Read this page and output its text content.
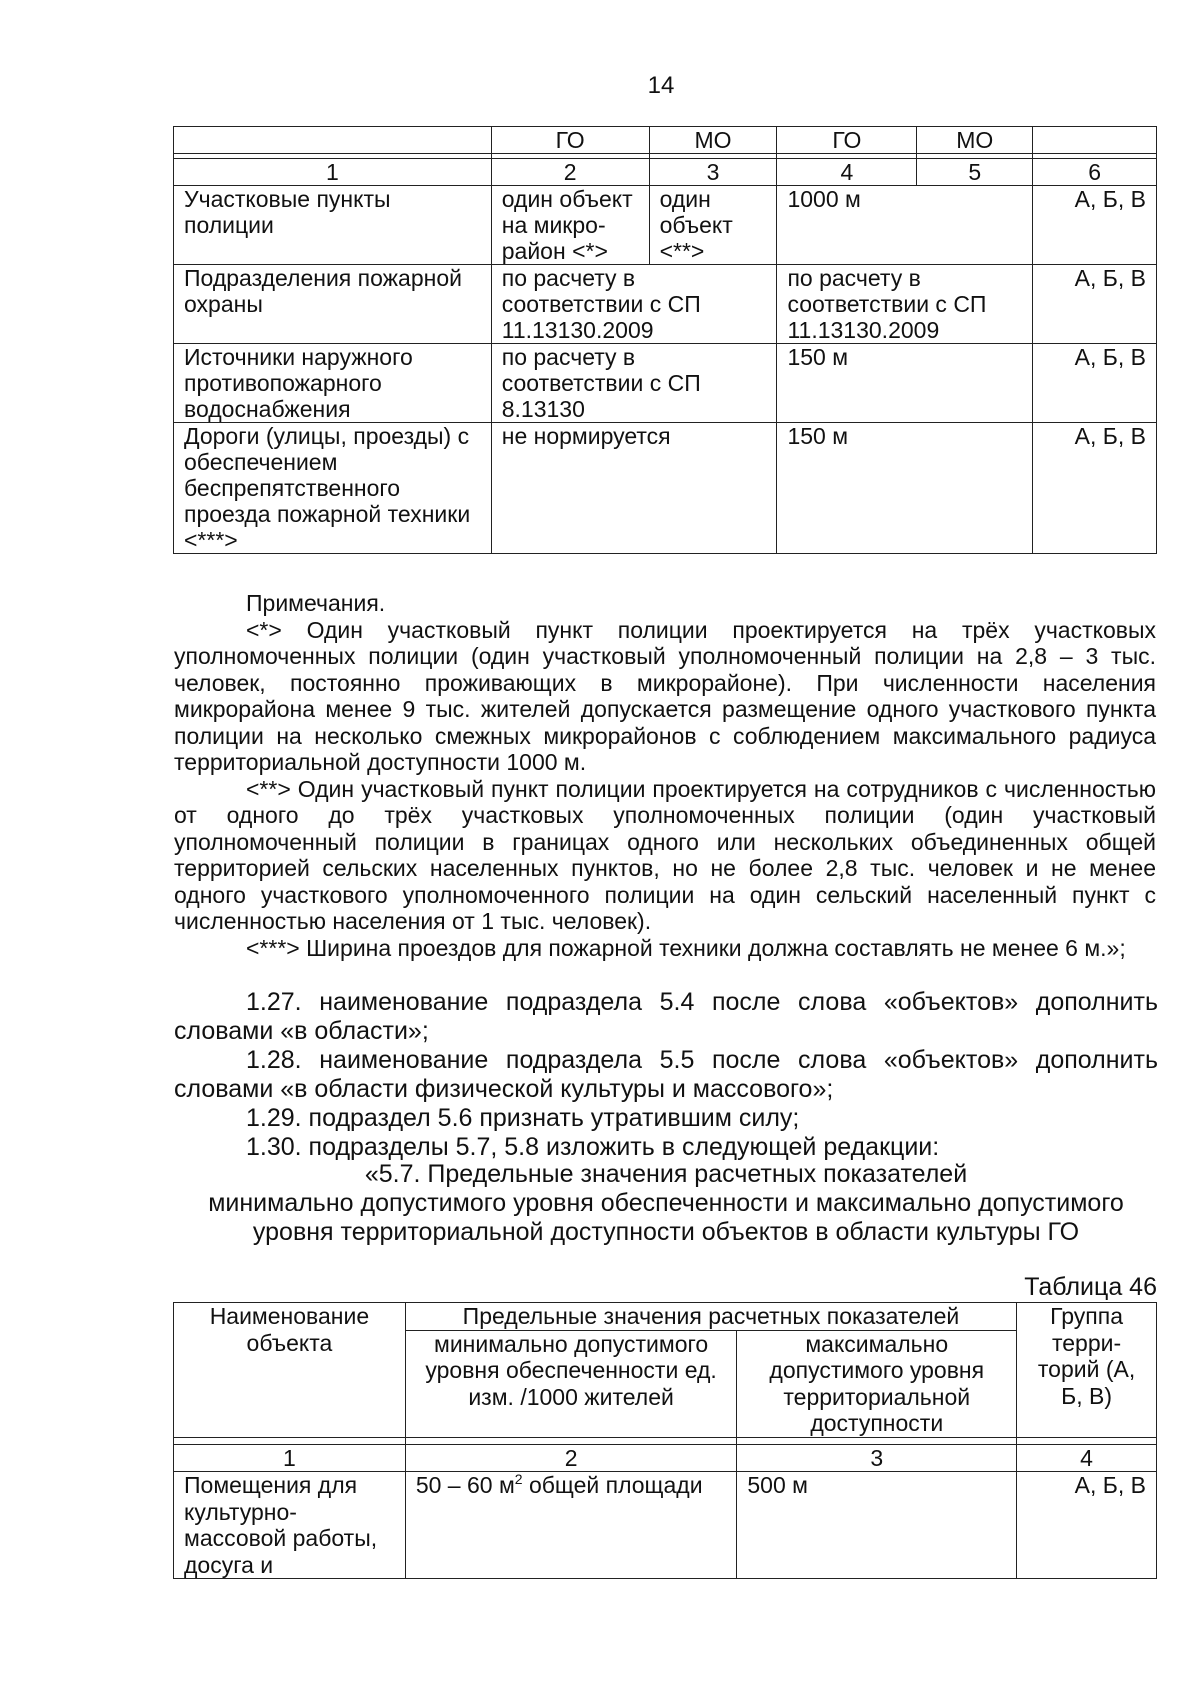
14
	ГО	МО	ГО	МО	

1	2	3	4	5	6
Участковые пункты полиции	один объект на микро-район <*>	один объект <**>	1000 м		А, Б, В
Подразделения пожарной охраны	по расчету в соответствии с СП 11.13130.2009		по расчету в соответствии с СП 11.13130.2009		А, Б, В
Источники наружного противопожарного водоснабжения	по расчету в соответствии с СП 8.13130		150 м		А, Б, В
Дороги (улицы, проезды) с обеспечением беспрепятственного проезда пожарной техники <***>	не нормируется		150 м		А, Б, В

Примечания.

<*> Один участковый пункт полиции проектируется на трёх участковых уполномоченных полиции (один участковый уполномоченный полиции на 2,8 – 3 тыс. человек, постоянно проживающих в микрорайоне). При численности населения микрорайона менее 9 тыс. жителей допускается размещение одного участкового пункта полиции на несколько смежных микрорайонов с соблюдением максимального радиуса территориальной доступности 1000 м.

<**> Один участковый пункт полиции проектируется на сотрудников с численностью от одного до трёх участковых уполномоченных полиции (один участковый уполномоченный полиции в границах одного или нескольких объединенных общей территорией сельских населенных пунктов, но не более 2,8 тыс. человек и не менее одного участкового уполномоченного полиции на один сельский населенный пункт с численностью населения от 1 тыс. человек).

<***> Ширина проездов для пожарной техники должна составлять не менее 6 м.»;

1.27. наименование подраздела 5.4 после слова «объектов» дополнить словами «в области»;

1.28. наименование подраздела 5.5 после слова «объектов» дополнить словами «в области физической культуры и массового»;

1.29. подраздел 5.6 признать утратившим силу;

1.30. подразделы 5.7, 5.8 изложить в следующей редакции:

«5.7. Предельные значения расчетных показателей

минимально допустимого уровня обеспеченности и максимально допустимого

уровня территориальной доступности объектов в области культуры ГО

Таблица 46
Наименование объекта	Предельные значения расчетных показателей		Группа терри-торий (А, Б, В)
	минимально допустимого уровня обеспеченности ед. изм. /1000 жителей	максимально допустимого уровня территориальной доступности	

1	2	3	4
Помещения для культурно-массовой работы, досуга и	50 – 60 $м^2$ общей площади	500 м	А, Б, В
